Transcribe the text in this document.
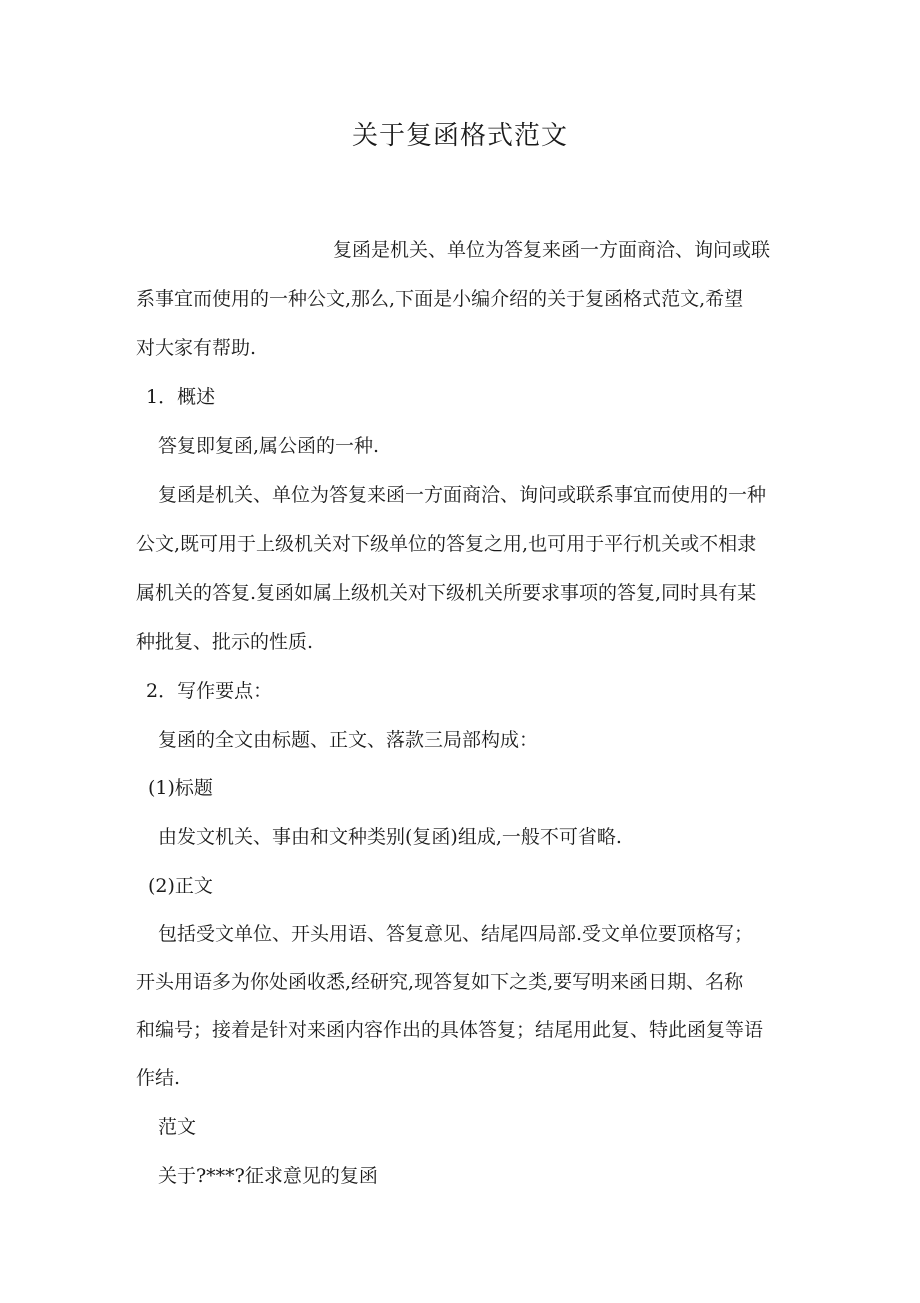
关于复函格式范文

复函是机关、单位为答复来函一方面商洽、询问或联

系事宜而使用的一种公文,那么,下面是小编介绍的关于复函格式范文,希望

对大家有帮助.

1．概述

答复即复函,属公函的一种.

复函是机关、单位为答复来函一方面商洽、询问或联系事宜而使用的一种

公文,既可用于上级机关对下级单位的答复之用,也可用于平行机关或不相隶

属机关的答复.复函如属上级机关对下级机关所要求事项的答复,同时具有某

种批复、批示的性质.

2．写作要点：

复函的全文由标题、正文、落款三局部构成：

(1)标题

由发文机关、事由和文种类别(复函)组成,一般不可省略.

(2)正文

包括受文单位、开头用语、答复意见、结尾四局部.受文单位要顶格写；

开头用语多为你处函收悉,经研究,现答复如下之类,要写明来函日期、名称

和编号；接着是针对来函内容作出的具体答复；结尾用此复、特此函复等语

作结.

范文

关于?***?征求意见的复函
